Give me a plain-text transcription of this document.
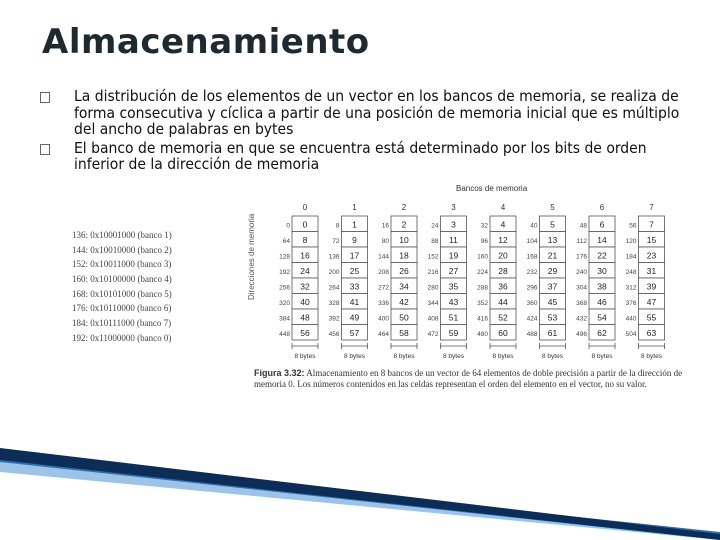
Almacenamiento
La distribución de los elementos de un vector en los bancos de memoria, se realiza de forma consecutiva y cíclica a partir de una posición de memoria inicial que es múltiplo del ancho de palabras en bytes
El banco de memoria en que se encuentra está determinado por los bits de orden inferior de la dirección de memoria
136: 0x10001000 (banco 1)
144: 0x10010000 (banco 2)
152: 0x10011000 (banco 3)
160: 0x10100000 (banco 4)
168: 0x10101000 (banco 5)
176: 0x10110000 (banco 6)
184: 0x10111000 (banco 7)
192: 0x11000000 (banco 0)
Bancos de memoria
Direcciones de memoria
0	1	2	3	4	5	6	7
0 0	8 1	16 2	24 3	32 4	40 5	48 6	56 7
64 8	72 9	80 10	88 11	96 12	104 13	112 14	120 15
128 16	136 17	144 18	152 19	160 20	168 21	176 22	184 23
192 24	200 25	208 26	216 27	224 28	232 29	240 30	248 31
256 32	264 33	272 34	280 35	288 36	296 37	304 38	312 39
320 40	328 41	336 42	344 43	352 44	360 45	368 46	376 47
384 48	392 49	400 50	408 51	416 52	424 53	432 54	440 55
448 56	456 57	464 58	472 59	480 60	488 61	496 62	504 63
8 bytes	8 bytes	8 bytes	8 bytes	8 bytes	8 bytes	8 bytes	8 bytes
Figura 3.32: Almacenamiento en 8 bancos de un vector de 64 elementos de doble precisión a partir de la dirección de memoria 0. Los números contenidos en las celdas representan el orden del elemento en el vector, no su valor.
